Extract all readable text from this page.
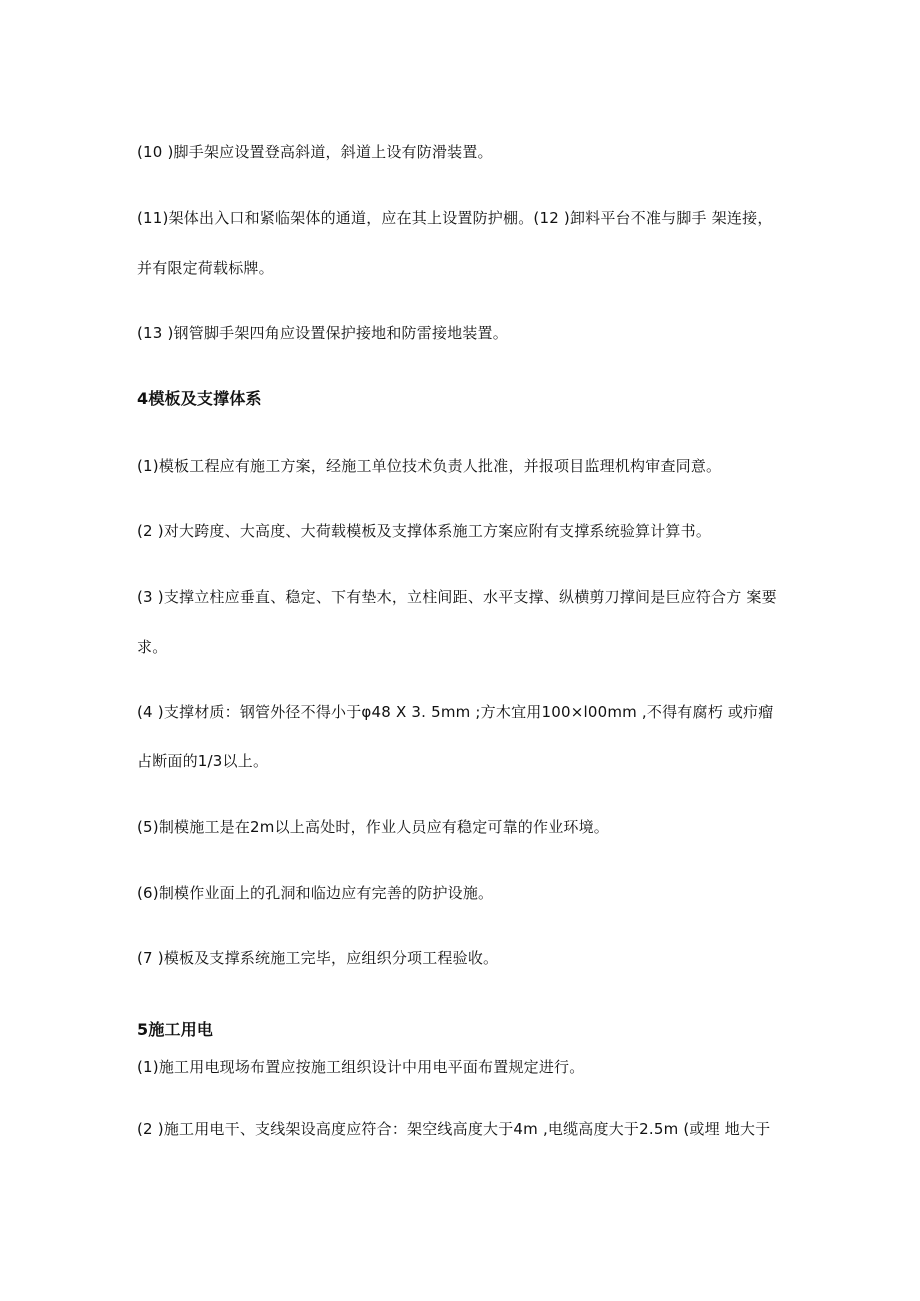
(10 )脚手架应设置登高斜道，斜道上设有防滑装置。
(11)架体出入口和紧临架体的通道，应在其上设置防护棚。(12 )卸料平台不准与脚手 架连接，
并有限定荷载标牌。
(13 )钢管脚手架四角应设置保护接地和防雷接地装置。
4模板及支撑体系
(1)模板工程应有施工方案，经施工单位技术负责人批准，并报项目监理机构审查同意。
(2 )对大跨度、大高度、大荷载模板及支撑体系施工方案应附有支撑系统验算计算书。
(3 )支撑立柱应垂直、稳定、下有垫木，立柱间距、水平支撑、纵横剪刀撑间是巨应符合方 案要
求。
(4 )支撑材质：钢管外径不得小于φ48 X 3. 5mm ;方木宜用100×l00mm ,不得有腐朽 或疖瘤
占断面的1/3以上。
(5)制模施工是在2m以上高处时，作业人员应有稳定可靠的作业环境。
(6)制模作业面上的孔洞和临边应有完善的防护设施。
(7 )模板及支撑系统施工完毕，应组织分项工程验收。
5施工用电
(1)施工用电现场布置应按施工组织设计中用电平面布置规定进行。
(2 )施工用电干、支线架设高度应符合：架空线高度大于4m ,电缆高度大于2.5m (或埋 地大于
